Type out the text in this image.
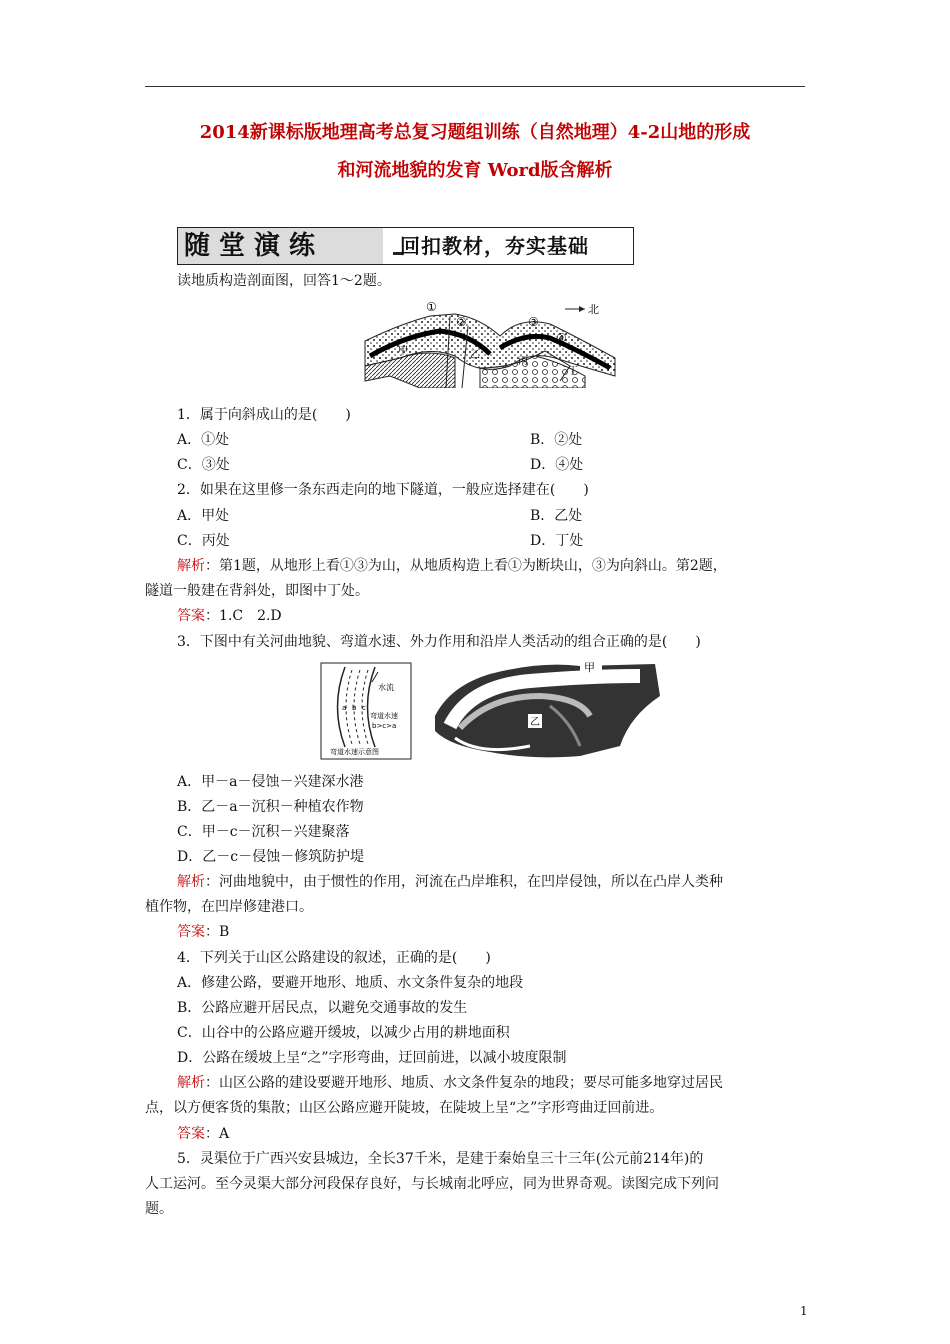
2014新课标版地理高考总复习题组训练（自然地理）4-2山地的形成
和河流地貌的发育 Word版含解析
随堂演练	回扣教材，夯实基础
读地质构造剖面图，回答1～2题。
①
②	③
④
北
甲	乙
丙
丁
1．属于向斜成山的是(　　)
A．①处	B．②处
C．③处	D．④处
2．如果在这里修一条东西走向的地下隧道，一般应选择建在(　　)
A．甲处	B．乙处
C．丙处	D．丁处
解析：第1题，从地形上看①③为山，从地质构造上看①为断块山，③为向斜山。第2题，
隧道一般建在背斜处，即图中丁处。
答案：1.C　2.D
3．下图中有关河曲地貌、弯道水速、外力作用和沿岸人类活动的组合正确的是(　　)
水流
a b c
弯道水速
b>c>a
弯道水速示意图
甲
乙
A．甲－a－侵蚀－兴建深水港
B．乙－a－沉积－种植农作物
C．甲－c－沉积－兴建聚落
D．乙－c－侵蚀－修筑防护堤
解析：河曲地貌中，由于惯性的作用，河流在凸岸堆积，在凹岸侵蚀，所以在凸岸人类种
植作物，在凹岸修建港口。
答案：B
4．下列关于山区公路建设的叙述，正确的是(　　)
A．修建公路，要避开地形、地质、水文条件复杂的地段
B．公路应避开居民点，以避免交通事故的发生
C．山谷中的公路应避开缓坡，以减少占用的耕地面积
D．公路在缓坡上呈“之”字形弯曲，迂回前进，以减小坡度限制
解析：山区公路的建设要避开地形、地质、水文条件复杂的地段；要尽可能多地穿过居民
点，以方便客货的集散；山区公路应避开陡坡，在陡坡上呈“之”字形弯曲迂回前进。
答案：A
5．灵渠位于广西兴安县城边，全长37千米，是建于秦始皇三十三年(公元前214年)的
人工运河。至今灵渠大部分河段保存良好，与长城南北呼应，同为世界奇观。读图完成下列问
题。
1
